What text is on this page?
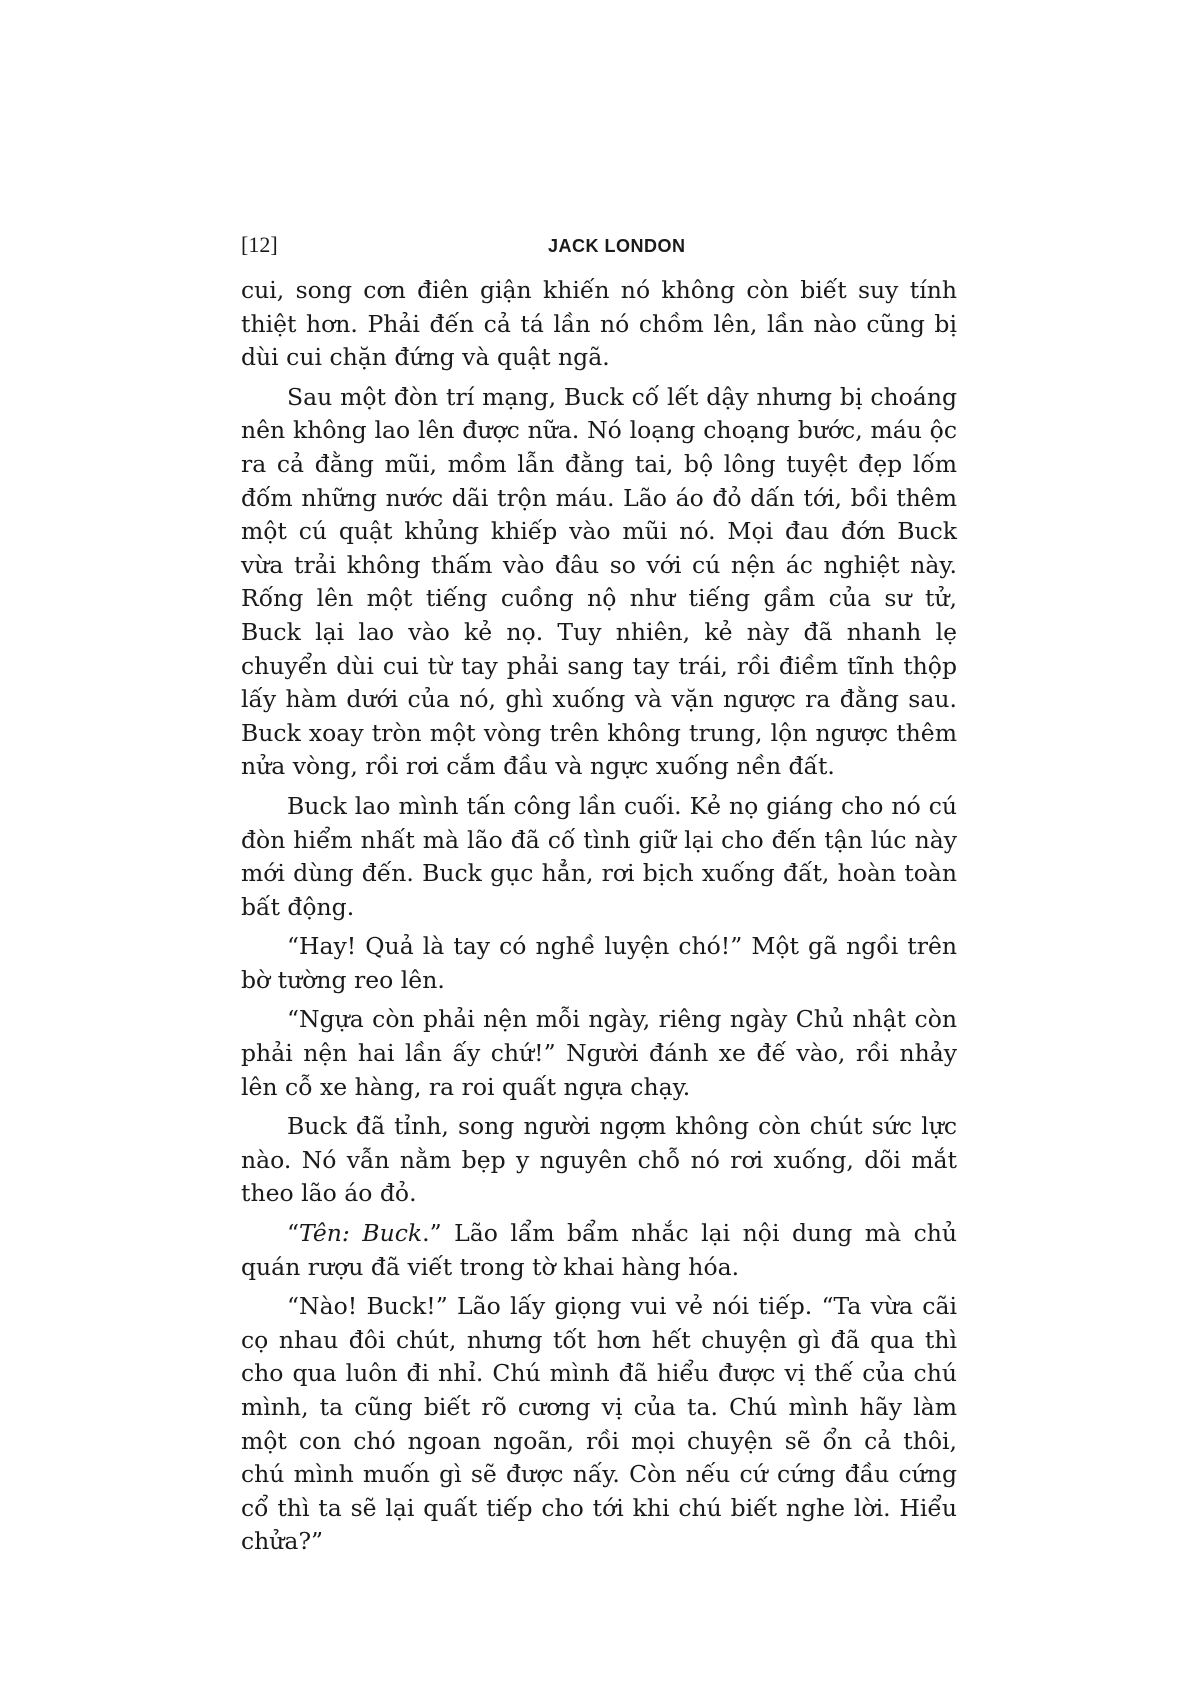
[12]	JACK LONDON

cui, song cơn điên giận khiến nó không còn biết suy tính thiệt hơn. Phải đến cả tá lần nó chồm lên, lần nào cũng bị dùi cui chặn đứng và quật ngã.

Sau một đòn trí mạng, Buck cố lết dậy nhưng bị choáng nên không lao lên được nữa. Nó loạng choạng bước, máu ộc ra cả đằng mũi, mồm lẫn đằng tai, bộ lông tuyệt đẹp lốm đốm những nước dãi trộn máu. Lão áo đỏ dấn tới, bồi thêm một cú quật khủng khiếp vào mũi nó. Mọi đau đớn Buck vừa trải không thấm vào đâu so với cú nện ác nghiệt này. Rống lên một tiếng cuồng nộ như tiếng gầm của sư tử, Buck lại lao vào kẻ nọ. Tuy nhiên, kẻ này đã nhanh lẹ chuyển dùi cui từ tay phải sang tay trái, rồi điềm tĩnh thộp lấy hàm dưới của nó, ghì xuống và vặn ngược ra đằng sau. Buck xoay tròn một vòng trên không trung, lộn ngược thêm nửa vòng, rồi rơi cắm đầu và ngực xuống nền đất.

Buck lao mình tấn công lần cuối. Kẻ nọ giáng cho nó cú đòn hiểm nhất mà lão đã cố tình giữ lại cho đến tận lúc này mới dùng đến. Buck gục hẳn, rơi bịch xuống đất, hoàn toàn bất động.

“Hay! Quả là tay có nghề luyện chó!” Một gã ngồi trên bờ tường reo lên.

“Ngựa còn phải nện mỗi ngày, riêng ngày Chủ nhật còn phải nện hai lần ấy chứ!” Người đánh xe đế vào, rồi nhảy lên cỗ xe hàng, ra roi quất ngựa chạy.

Buck đã tỉnh, song người ngợm không còn chút sức lực nào. Nó vẫn nằm bẹp y nguyên chỗ nó rơi xuống, dõi mắt theo lão áo đỏ.

“Tên: Buck.” Lão lẩm bẩm nhắc lại nội dung mà chủ quán rượu đã viết trong tờ khai hàng hóa.

“Nào! Buck!” Lão lấy giọng vui vẻ nói tiếp. “Ta vừa cãi cọ nhau đôi chút, nhưng tốt hơn hết chuyện gì đã qua thì cho qua luôn đi nhỉ. Chú mình đã hiểu được vị thế của chú mình, ta cũng biết rõ cương vị của ta. Chú mình hãy làm một con chó ngoan ngoãn, rồi mọi chuyện sẽ ổn cả thôi, chú mình muốn gì sẽ được nấy. Còn nếu cứ cứng đầu cứng cổ thì ta sẽ lại quất tiếp cho tới khi chú biết nghe lời. Hiểu chửa?”
